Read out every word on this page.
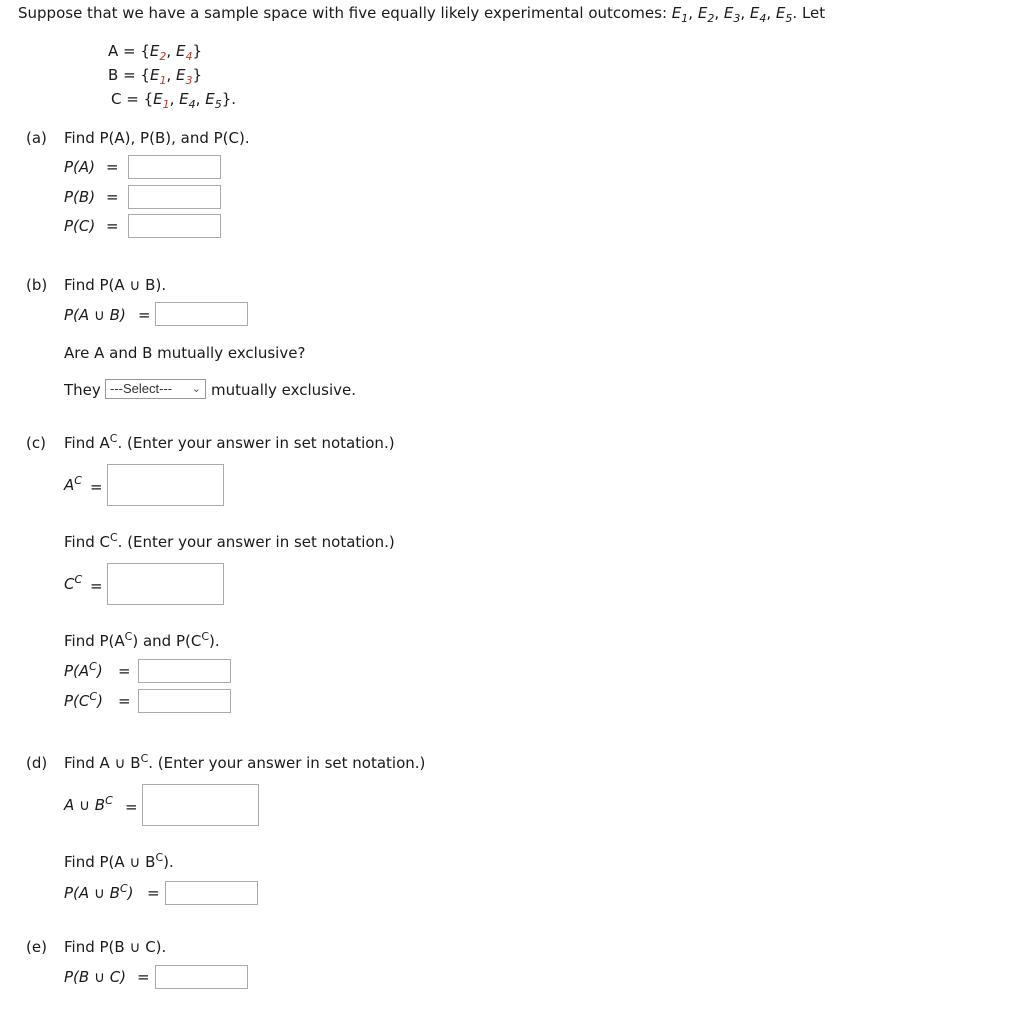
Suppose that we have a sample space with five equally likely experimental outcomes: $E_1$, $E_2$, $E_3$, $E_4$, $E_5$. Let
$A = \{E_2$, $E_4$}
$B = \{E_1$, $E_3$}
$C = \{E_1$, $E_4$, $E_5$}.
(a) Find P(A), P(B), and P(C).
P(A) =
P(B) =
P(C) =
(b) Find P(A ∪ B).
P(A ∪ B) =
Are A and B mutually exclusive?
They ---Select--- ⌄ mutually exclusive.
(c) Find $A^C$. (Enter your answer in set notation.)
$A^C$ =
Find $C^C$. (Enter your answer in set notation.)
$C^C$ =
Find $P(A^C)$ and $P(C^C)$.
$P(A^C)$ =
$P(C^C)$ =
(d) Find A ∪ $B^C$. (Enter your answer in set notation.)
A ∪ $B^C$ =
Find P(A ∪ $B^C$).
P(A ∪ $B^C$) =
(e) Find P(B ∪ C).
P(B ∪ C) =
